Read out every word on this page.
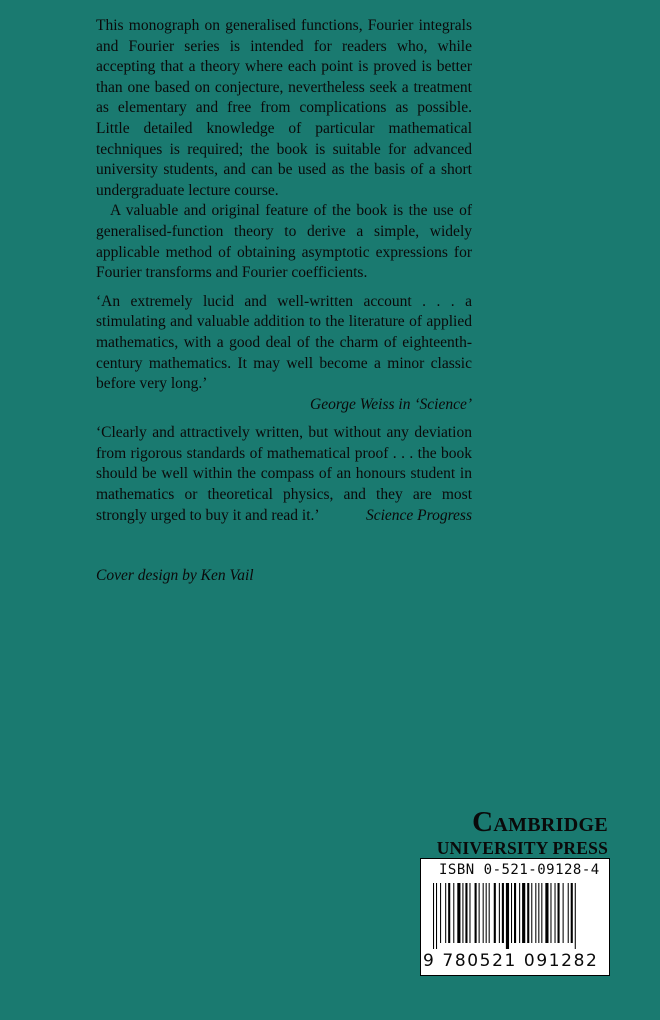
This monograph on generalised functions, Fourier integrals and Fourier series is intended for readers who, while accepting that a theory where each point is proved is better than one based on conjecture, nevertheless seek a treatment as elementary and free from complications as possible. Little detailed knowledge of particular mathematical techniques is required; the book is suitable for advanced university students, and can be used as the basis of a short undergraduate lecture course.

A valuable and original feature of the book is the use of generalised-function theory to derive a simple, widely applicable method of obtaining asymptotic expressions for Fourier transforms and Fourier coefficients.

‘An extremely lucid and well-written account . . . a stimulating and valuable addition to the literature of applied mathematics, with a good deal of the charm of eighteenth-century mathematics. It may well become a minor classic before very long.’
George Weiss in ‘Science’
‘Clearly and attractively written, but without any deviation from rigorous standards of mathematical proof . . . the book should be well within the compass of an honours student in mathematics or theoretical physics, and they are most strongly urged to buy it and read it.’	Science Progress
Cover design by Ken Vail
Cambridge
UNIVERSITY PRESS
ISBN 0-521-09128-4
9 780521 091282
